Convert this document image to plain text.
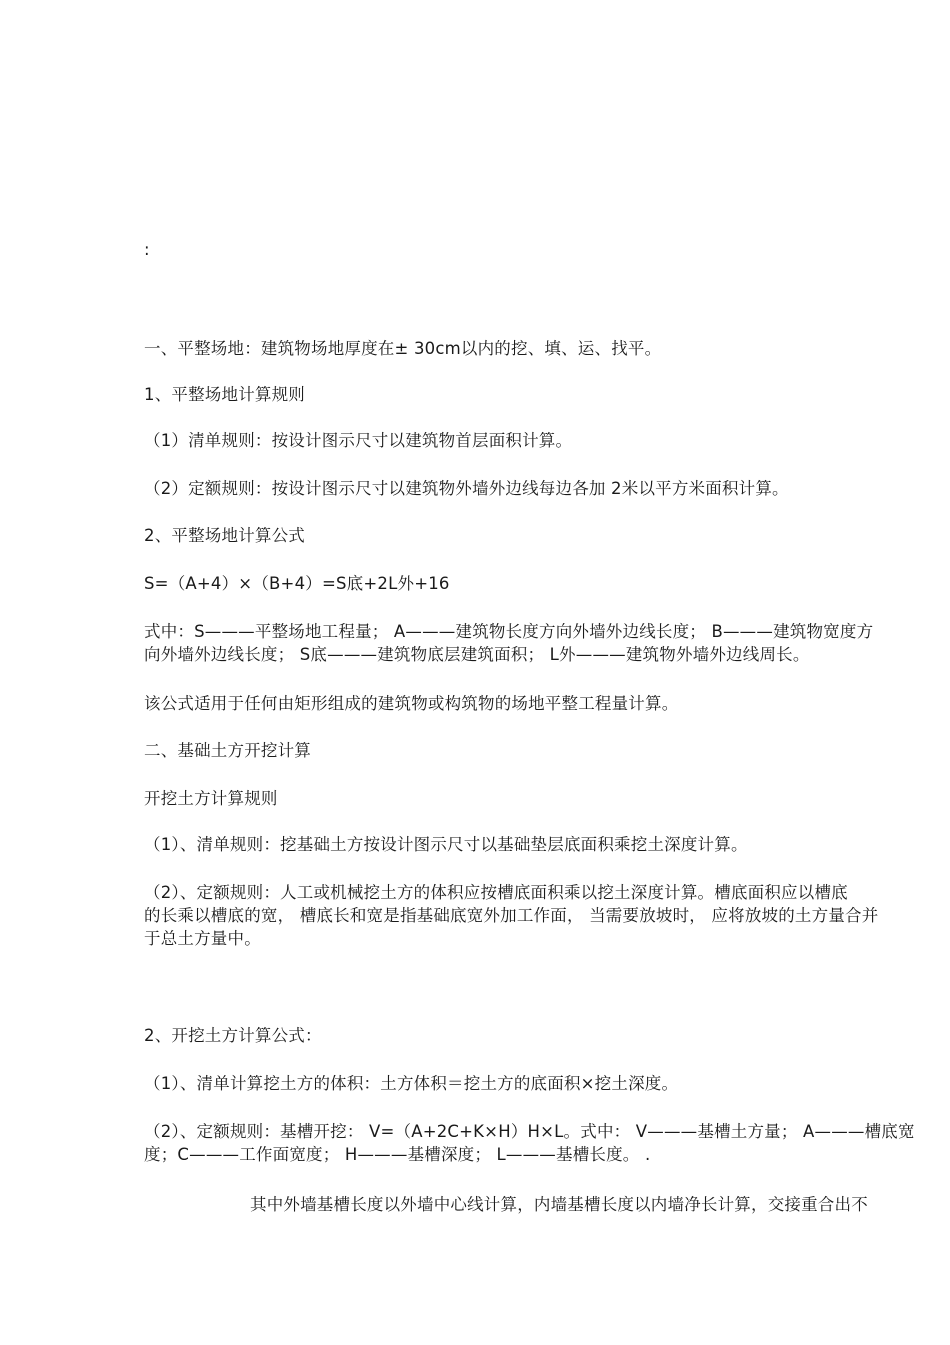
:
一、平整场地：建筑物场地厚度在± 30cm以内的挖、填、运、找平。
1、平整场地计算规则
（1）清单规则：按设计图示尺寸以建筑物首层面积计算。
（2）定额规则：按设计图示尺寸以建筑物外墙外边线每边各加 2米以平方米面积计算。
2、平整场地计算公式
S=（A+4）×（B+4）=S底+2L外+16
式中：S———平整场地工程量； A———建筑物长度方向外墙外边线长度； B———建筑物宽度方
向外墙外边线长度； S底———建筑物底层建筑面积； L外———建筑物外墙外边线周长。
该公式适用于任何由矩形组成的建筑物或构筑物的场地平整工程量计算。
二、基础土方开挖计算
开挖土方计算规则
（1）、清单规则：挖基础土方按设计图示尺寸以基础垫层底面积乘挖土深度计算。
（2）、定额规则：人工或机械挖土方的体积应按槽底面积乘以挖土深度计算。槽底面积应以槽底
的长乘以槽底的宽， 槽底长和宽是指基础底宽外加工作面， 当需要放坡时， 应将放坡的土方量合并
于总土方量中。
2、开挖土方计算公式：
（1）、清单计算挖土方的体积：土方体积＝挖土方的底面积×挖土深度。
（2）、定额规则：基槽开挖： V=（A+2C+K×H）H×L。式中： V———基槽土方量； A———槽底宽
度；C———工作面宽度； H———基槽深度； L———基槽长度。 .
其中外墙基槽长度以外墙中心线计算，内墙基槽长度以内墙净长计算，交接重合出不
